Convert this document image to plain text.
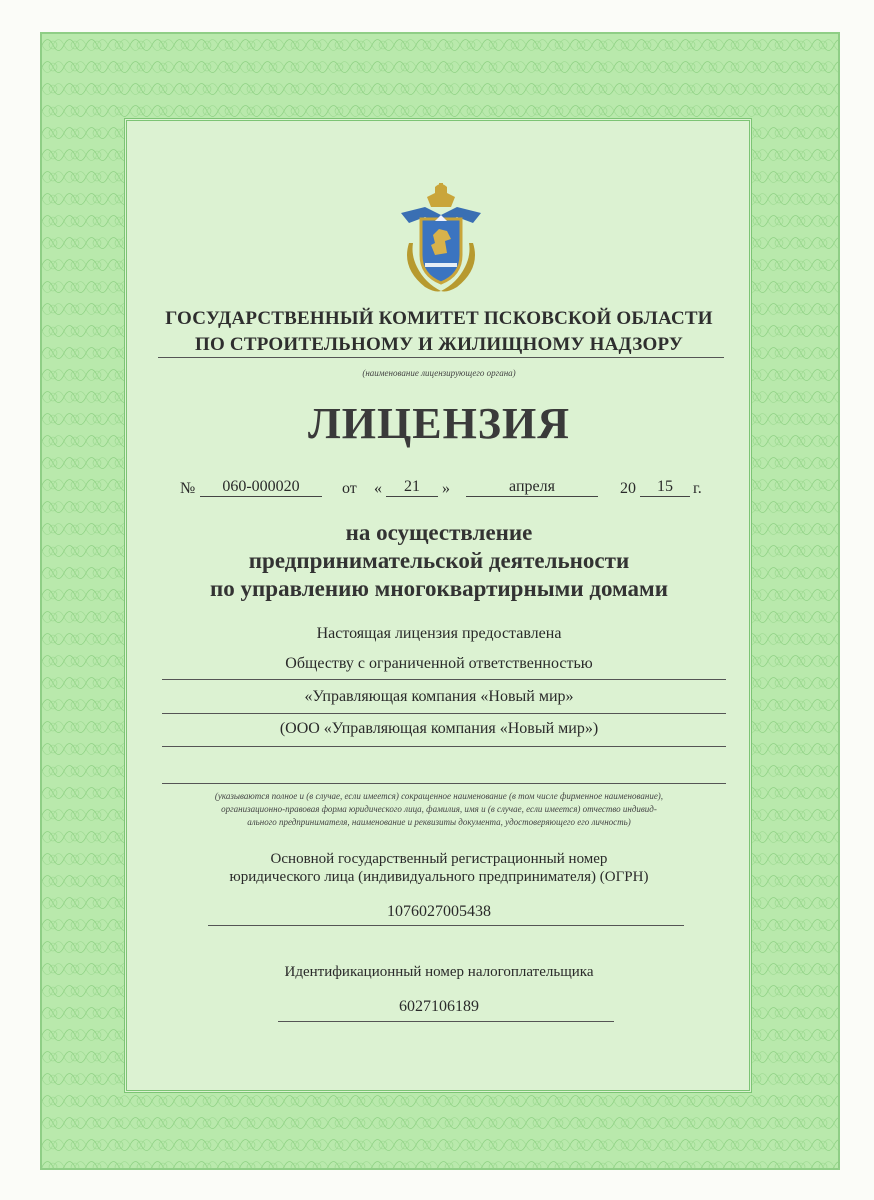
ГОСУДАРСТВЕННЫЙ КОМИТЕТ ПСКОВСКОЙ ОБЛАСТИ
ПО СТРОИТЕЛЬНОМУ И ЖИЛИЩНОМУ НАДЗОРУ
(наименование лицензирующего органа)
ЛИЦЕНЗИЯ
№	060-000020	от «	21	»	апреля	20	15	г.
на осуществление
предпринимательской деятельности
по управлению многоквартирными домами
Настоящая лицензия предоставлена
Обществу с ограниченной ответственностью
«Управляющая компания «Новый мир»
(ООО «Управляющая компания «Новый мир»)
(указываются полное и (в случае, если имеется) сокращенное наименование (в том числе фирменное наименование),
организационно-правовая форма юридического лица, фамилия, имя и (в случае, если имеется) отчество индивид-
ального предпринимателя, наименование и реквизиты документа, удостоверяющего его личность)
Основной государственный регистрационный номер
юридического лица (индивидуального предпринимателя) (ОГРН)
1076027005438
Идентификационный номер налогоплательщика
6027106189
